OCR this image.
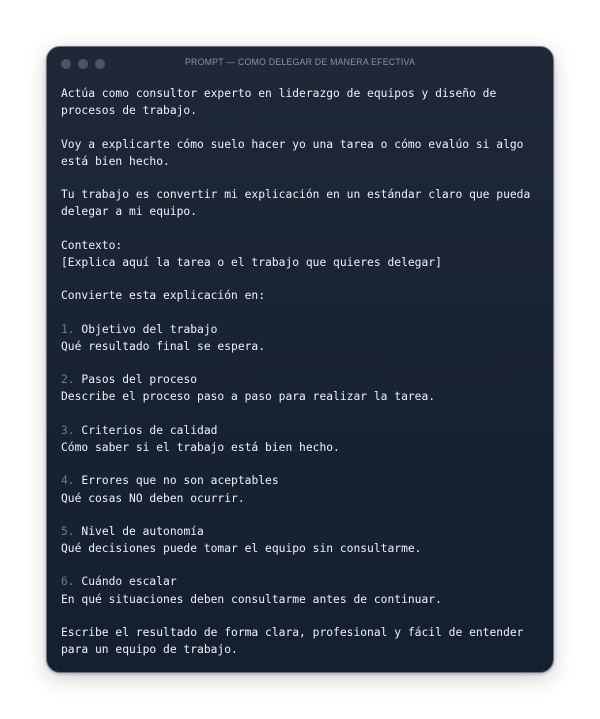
PROMPT — COMO DELEGAR DE MANERA EFECTIVA
Actúa como consultor experto en liderazgo de equipos y diseño de
procesos de trabajo.
Voy a explicarte cómo suelo hacer yo una tarea o cómo evalúo si algo
está bien hecho.
Tu trabajo es convertir mi explicación en un estándar claro que pueda
delegar a mi equipo.
Contexto:
[Explica aquí la tarea o el trabajo que quieres delegar]
Convierte esta explicación en:
1. Objetivo del trabajo
Qué resultado final se espera.
2. Pasos del proceso
Describe el proceso paso a paso para realizar la tarea.
3. Criterios de calidad
Cómo saber si el trabajo está bien hecho.
4. Errores que no son aceptables
Qué cosas NO deben ocurrir.
5. Nivel de autonomía
Qué decisiones puede tomar el equipo sin consultarme.
6. Cuándo escalar
En qué situaciones deben consultarme antes de continuar.
Escribe el resultado de forma clara, profesional y fácil de entender
para un equipo de trabajo.
